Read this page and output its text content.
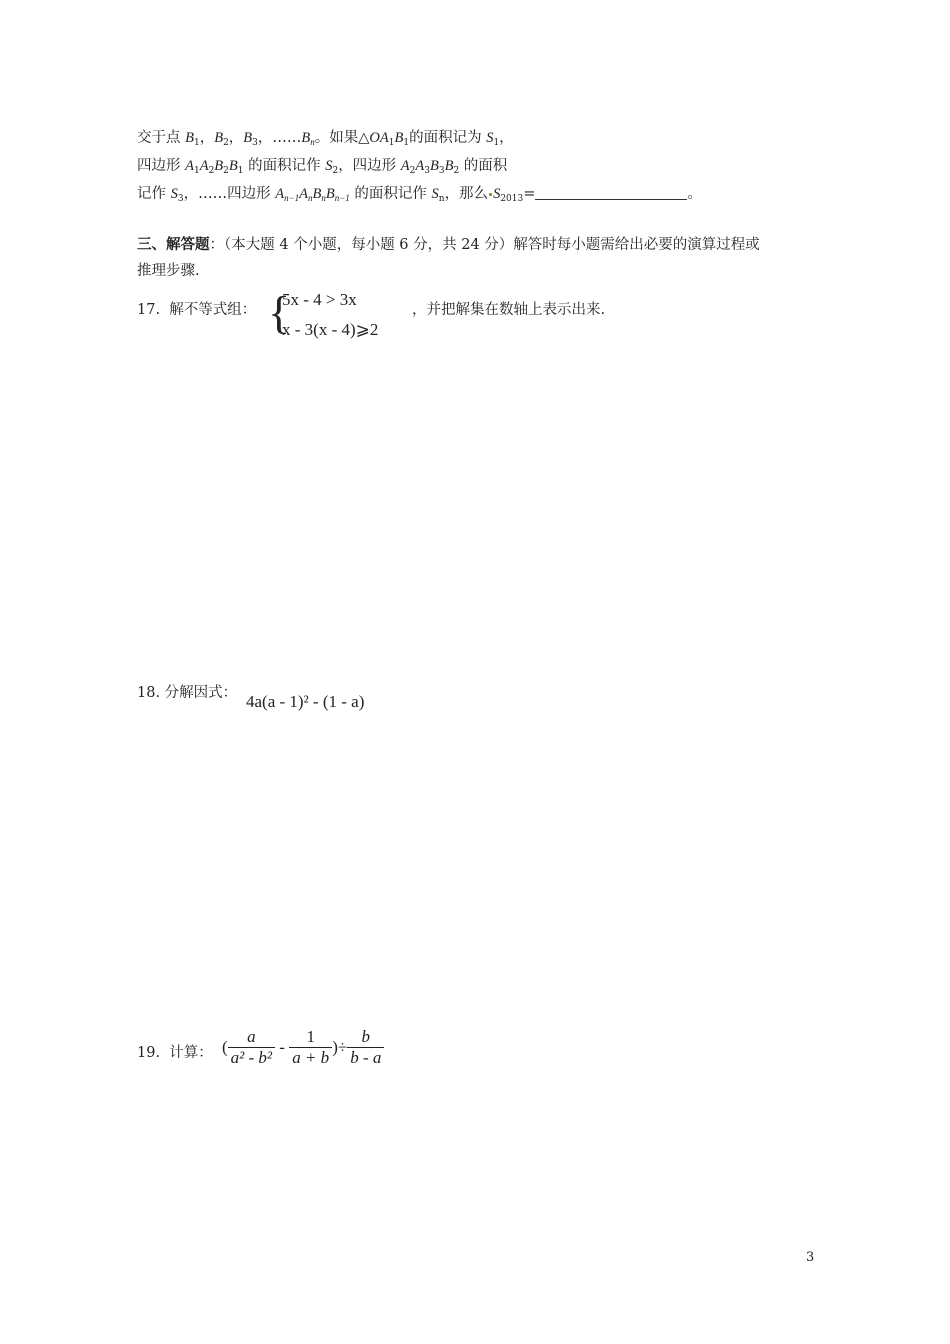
交于点 $B_1$，$B_2$，$B_3$，$\dots\dots B_n$。如果$\triangle OA_1B_1$的面积记为 $S_1$，
四边形 $A_1A_2B_2B_1$ 的面积记作 $S_2$，四边形 $A_2A_3B_3B_2$ 的面积
记作 $S_3$，……四边形 $A_{n-1}A_nB_nB_{n-1}$ 的面积记作 $S_n$，那么 $S_{2013}=$	。
三、解答题：（本大题 4 个小题，每小题 6 分，共 24 分）解答时每小题需给出必要的演算过程或
推理步骤.
17. 解不等式组： {
5x - 4 > 3x
x - 3(x - 4)⩾2
，并把解集在数轴上表示出来.
18. 分解因式： 4a(a - 1)² - (1 - a)
19. 计算： ( $\frac{a}{\text{a² - b²}} - \frac{1}{a + b}$ )÷ $\frac{b}{b - a}$
3
